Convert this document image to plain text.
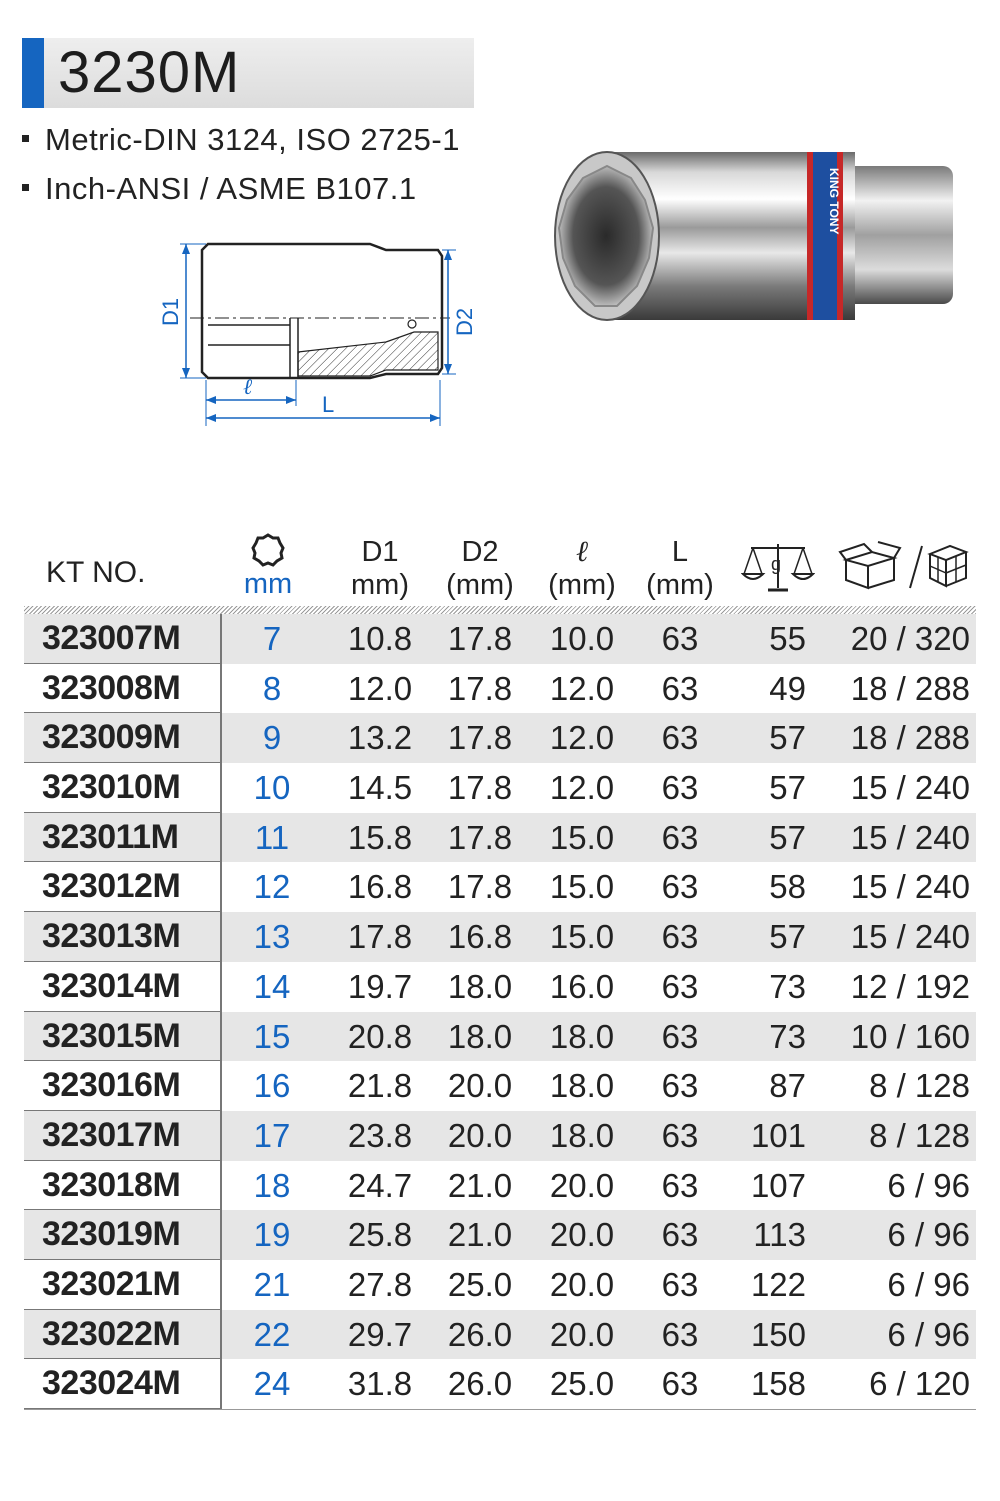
3230M
Metric-DIN 3124, ISO 2725-1
Inch-ANSI / ASME B107.1
D1	D2
ℓ
L
KING TONY
KT NO.	mm
D1
mm)
D2
(mm)
ℓ
(mm)
L
(mm)
g
323007M	7	10.8	17.8	10.0	63	55	20 / 320
323008M	8	12.0	17.8	12.0	63	49	18 / 288
323009M	9	13.2	17.8	12.0	63	57	18 / 288
323010M	10	14.5	17.8	12.0	63	57	15 / 240
323011M	11	15.8	17.8	15.0	63	57	15 / 240
323012M	12	16.8	17.8	15.0	63	58	15 / 240
323013M	13	17.8	16.8	15.0	63	57	15 / 240
323014M	14	19.7	18.0	16.0	63	73	12 / 192
323015M	15	20.8	18.0	18.0	63	73	10 / 160
323016M	16	21.8	20.0	18.0	63	87	8 / 128
323017M	17	23.8	20.0	18.0	63	101	8 / 128
323018M	18	24.7	21.0	20.0	63	107	6 / 96
323019M	19	25.8	21.0	20.0	63	113	6 / 96
323021M	21	27.8	25.0	20.0	63	122	6 / 96
323022M	22	29.7	26.0	20.0	63	150	6 / 96
323024M	24	31.8	26.0	25.0	63	158	6 / 120
